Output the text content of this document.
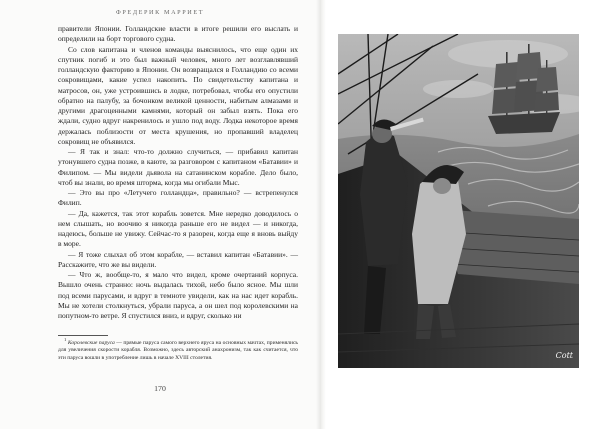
ФРЕДЕРИК МАРРИЕТ

правители Японии. Голландские власти в итоге решили его выслать и определили на борт торгового судна.

Со слов капитана и членов команды выяснилось, что еще один их спутник погиб и это был важный человек, много лет возглавлявший голландскую факторию в Японии. Он возвращался в Голландию со всеми сокровищами, какие успел накопить. По свидетельству капитана и матросов, он, уже устроившись в лодке, потребовал, чтобы его опустили обратно на палубу, за бочонком великой ценности, набитым алмазами и другими драгоценными камнями, который он забыл взять. Пока его ждали, судно вдруг накренилось и ушло под воду. Лодка некоторое время держалась поблизости от места крушения, но пропавший владелец сокровищ не объявился.

— Я так и знал: что-то должно случиться, — прибавил капитан утонувшего судна позже, в каюте, за разговором с капитаном «Батавии» и Филипом. — Мы видели дьявола на сатанинском корабле. Дело было, чтоб вы знали, во время шторма, когда мы огибали Мыс.

— Это вы про «Летучего голландца», правильно? — встрепенулся Филип.

— Да, кажется, так этот корабль зовется. Мне нередко доводилось о нем слышать, но воочию я никогда раньше его не видел — и никогда, надеюсь, больше не увижу. Сейчас-то я разорен, когда еще я вновь выйду в море.

— Я тоже слыхал об этом корабле, — вставил капитан «Батавии». — Расскажите, что же вы видели.

— Что ж, вообще-то, я мало что видел, кроме очертаний корпуса. Вышло очень странно: ночь выдалась тихой, небо было ясное. Мы шли под всеми парусами, и вдруг в темноте увидели, как на нас идет корабль. Мы не хотели столкнуться, убрали паруса, а он шел под королевскими на попутном-то ветре. Я спустился вниз, и вдруг, сколько ни

$^1$ Королевские паруса — прямые паруса самого верхнего яруса на основных мачтах, применялись для увеличения скорости корабля. Возможно, здесь авторский анахронизм, так как считается, что эти паруса вошли в употребление лишь в начале XVIII столетия.

170
Cott
